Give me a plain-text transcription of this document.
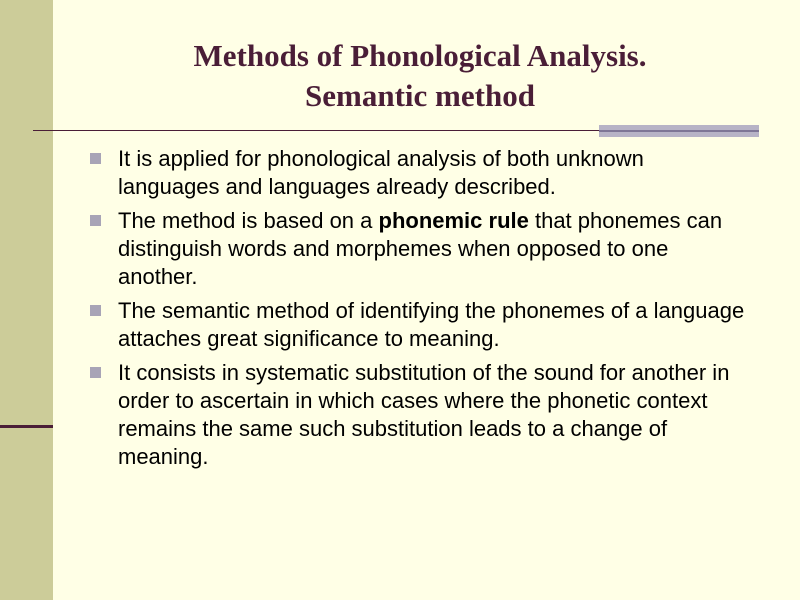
Methods of Phonological Analysis.
Semantic method
It is applied for phonological analysis of both unknown languages and languages already described.
The method is based on a phonemic rule that phonemes can distinguish words and morphemes when opposed to one another.
The semantic method of identifying the phonemes of a language attaches great significance to meaning.
It consists in systematic substitution of the sound for another in order to ascertain in which cases where the phonetic context remains the same such substitution leads to a change of meaning.
